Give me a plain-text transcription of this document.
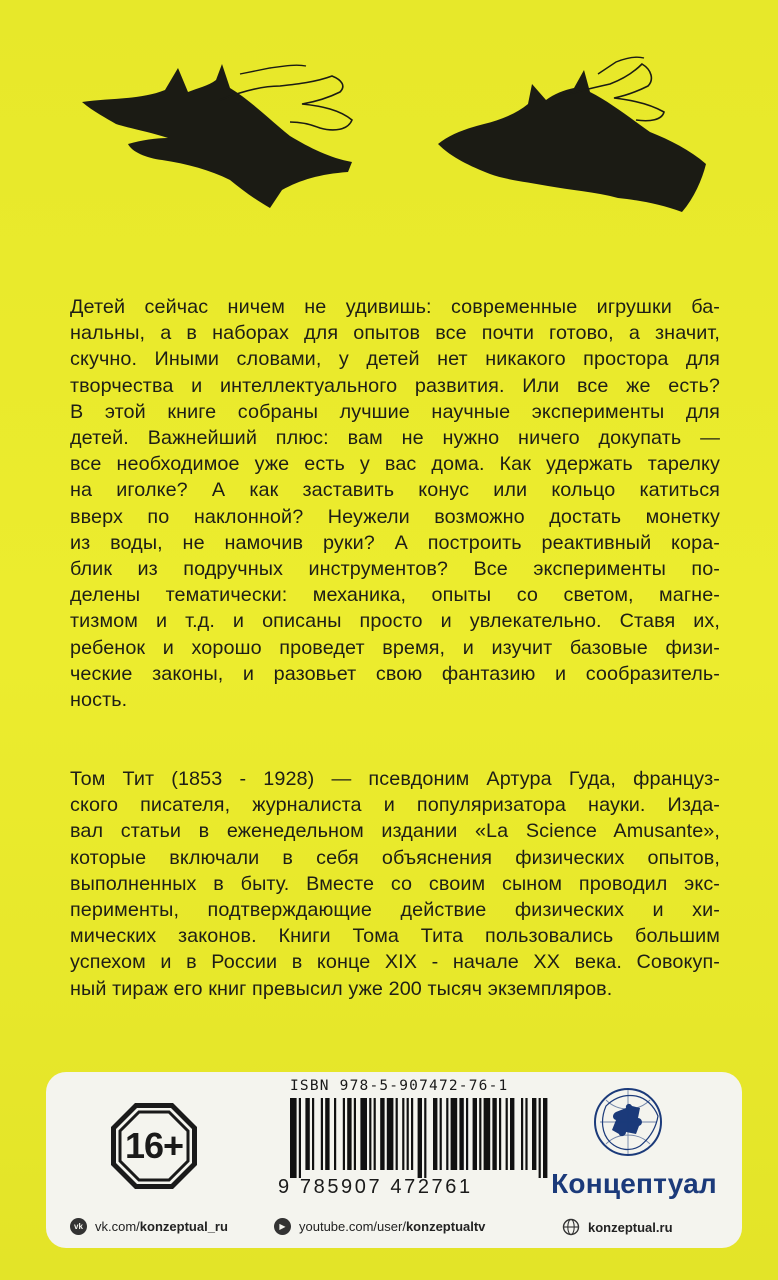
Детей сейчас ничем не удивишь: современные игрушки ба-
нальны, а в наборах для опытов все почти готово, а значит,
скучно. Иными словами, у детей нет никакого простора для
творчества и интеллектуального развития. Или все же есть?
В этой книге собраны лучшие научные эксперименты для
детей. Важнейший плюс: вам не нужно ничего докупать —
все необходимое уже есть у вас дома. Как удержать тарелку
на иголке? А как заставить конус или кольцо катиться
вверх по наклонной? Неужели возможно достать монетку
из воды, не намочив руки? А построить реактивный кора-
блик из подручных инструментов? Все эксперименты по-
делены тематически: механика, опыты со светом, магне-
тизмом и т.д. и описаны просто и увлекательно. Ставя их,
ребенок и хорошо проведет время, и изучит базовые физи-
ческие законы, и разовьет свою фантазию и сообразитель-
ность.
Том Тит (1853 - 1928) — псевдоним Артура Гуда, француз-
ского писателя, журналиста и популяризатора науки. Изда-
вал статьи в еженедельном издании «La Science Amusante»,
которые включали в себя объяснения физических опытов,
выполненных в быту. Вместе со своим сыном проводил экс-
перименты, подтверждающие действие физических и хи-
мических законов. Книги Тома Тита пользовались большим
успехом и в России в конце XIX - начале XX века. Совокуп-
ный тираж его книг превысил уже 200 тысяч экземпляров.
16+
ISBN 978-5-907472-76-1
9 785907 472761	Концептуал
vk vk.com/konzeptual_ru	▶	youtube.com/user/konzeptualtv	konzeptual.ru
